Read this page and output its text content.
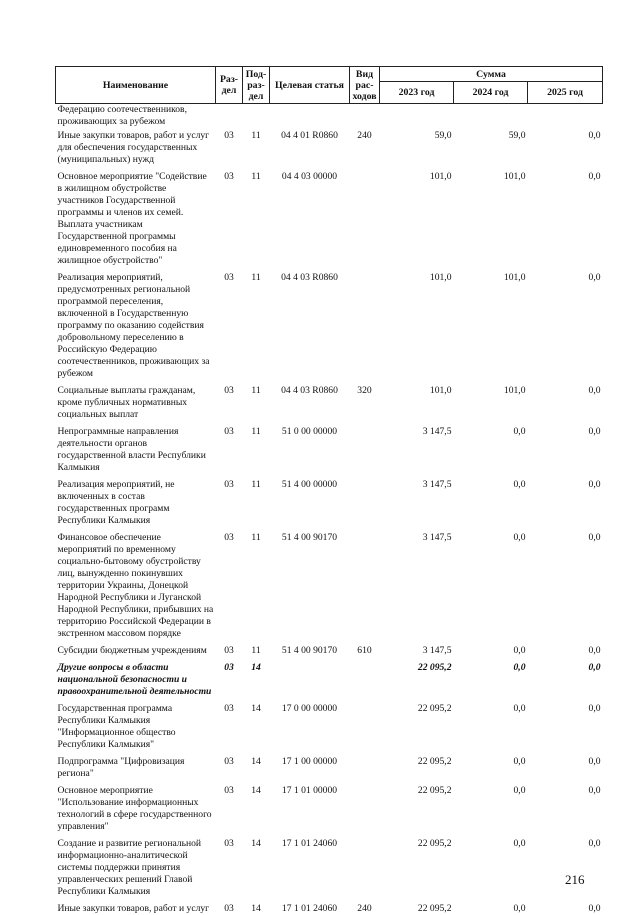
Наименование	Раз-дел	Под-раз-дел	Целевая статья	Вид рас-ходов	Сумма		
					2023 год	2024 год	2025 год
Федерацию соотечественников, проживающих за рубежом							
Иные закупки товаров, работ и услуг для обеспечения государственных (муниципальных) нужд	03	11	04 4 01 R0860	240	59,0	59,0	0,0
Основное мероприятие "Содействие в жилищном обустройстве участников Государственной программы и членов их семей. Выплата участникам Государственной программы единовременного пособия на жилищное обустройство"	03	11	04 4 03 00000		101,0	101,0	0,0
Реализация мероприятий, предусмотренных региональной программой переселения, включенной в Государственную программу по оказанию содействия добровольному переселению в Российскую Федерацию соотечественников, проживающих за рубежом	03	11	04 4 03 R0860		101,0	101,0	0,0
Социальные выплаты гражданам, кроме публичных нормативных социальных выплат	03	11	04 4 03 R0860	320	101,0	101,0	0,0
Непрограммные направления деятельности органов государственной власти Республики Калмыкия	03	11	51 0 00 00000		3 147,5	0,0	0,0
Реализация мероприятий, не включенных в состав государственных программ Республики Калмыкия	03	11	51 4 00 00000		3 147,5	0,0	0,0
Финансовое обеспечение мероприятий по временному социально-бытовому обустройству лиц, вынужденно покинувших территории Украины, Донецкой Народной Республики и Луганской Народной Республики, прибывших на территорию Российской Федерации в экстренном массовом порядке	03	11	51 4 00 90170		3 147,5	0,0	0,0
Субсидии бюджетным учреждениям	03	11	51 4 00 90170	610	3 147,5	0,0	0,0
Другие вопросы в области национальной безопасности и правоохранительной деятельности	03	14			22 095,2	0,0	0,0
Государственная программа Республики Калмыкия "Информационное общество Республики Калмыкия"	03	14	17 0 00 00000		22 095,2	0,0	0,0
Подпрограмма "Цифровизация региона"	03	14	17 1 00 00000		22 095,2	0,0	0,0
Основное мероприятие "Использование информационных технологий в сфере государственного управления"	03	14	17 1 01 00000		22 095,2	0,0	0,0
Создание и развитие региональной информационно-аналитической системы поддержки принятия управленческих решений Главой Республики Калмыкия	03	14	17 1 01 24060		22 095,2	0,0	0,0
Иные закупки товаров, работ и услуг	03	14	17 1 01 24060	240	22 095,2	0,0	0,0
216
